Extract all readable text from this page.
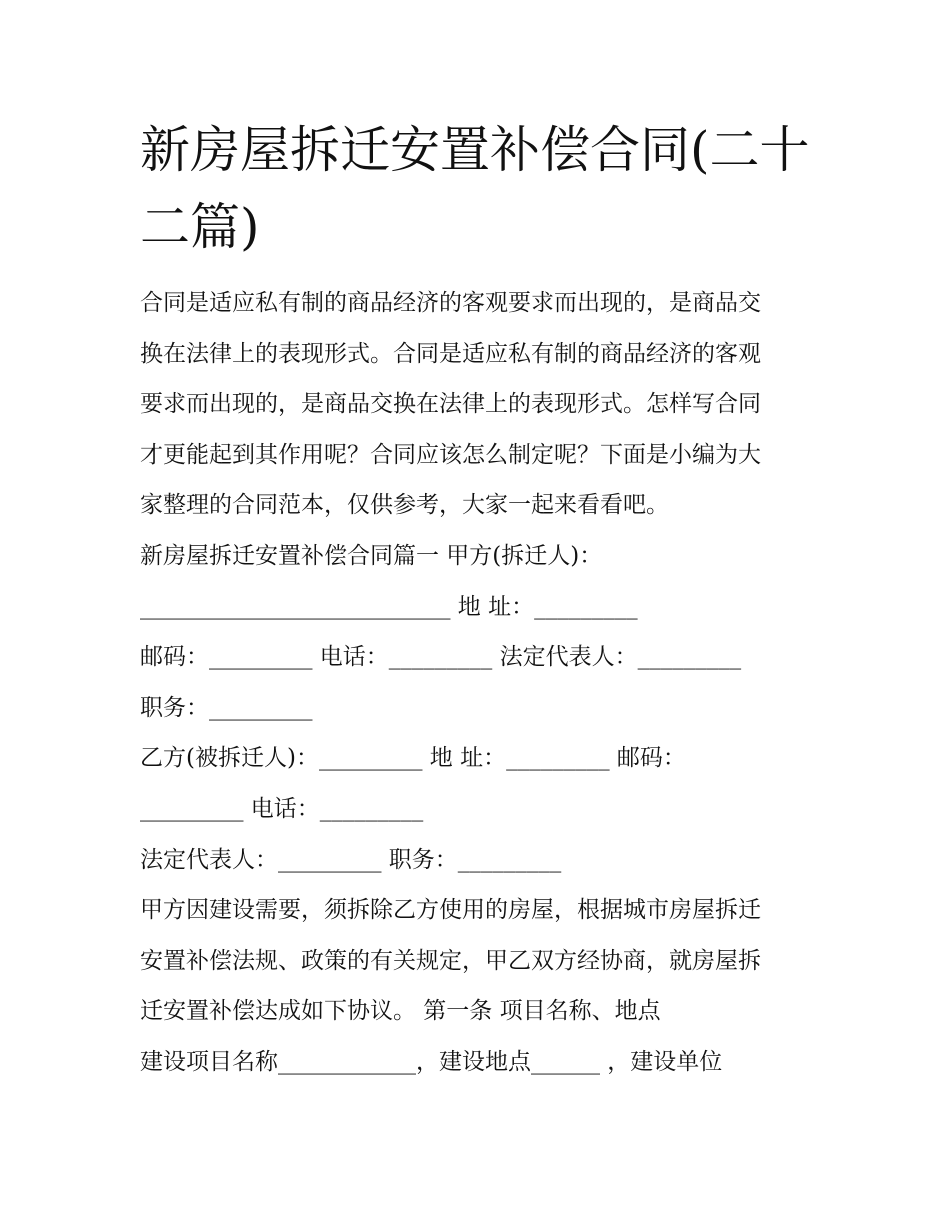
新房屋拆迁安置补偿合同(二十
二篇)
合同是适应私有制的商品经济的客观要求而出现的，是商品交
换在法律上的表现形式。合同是适应私有制的商品经济的客观
要求而出现的，是商品交换在法律上的表现形式。怎样写合同
才更能起到其作用呢？合同应该怎么制定呢？下面是小编为大
家整理的合同范本，仅供参考，大家一起来看看吧。
新房屋拆迁安置补偿合同篇一 甲方(拆迁人)：
___________________________ 地 址：_________
邮码：_________ 电话：_________ 法定代表人：_________
职务：_________
乙方(被拆迁人)：_________ 地 址：_________ 邮码：
_________ 电话：_________
法定代表人：_________ 职务：_________
甲方因建设需要，须拆除乙方使用的房屋，根据城市房屋拆迁
安置补偿法规、政策的有关规定，甲乙双方经协商，就房屋拆
迁安置补偿达成如下协议。 第一条 项目名称、地点
建设项目名称____________，建设地点______ ，建设单位
